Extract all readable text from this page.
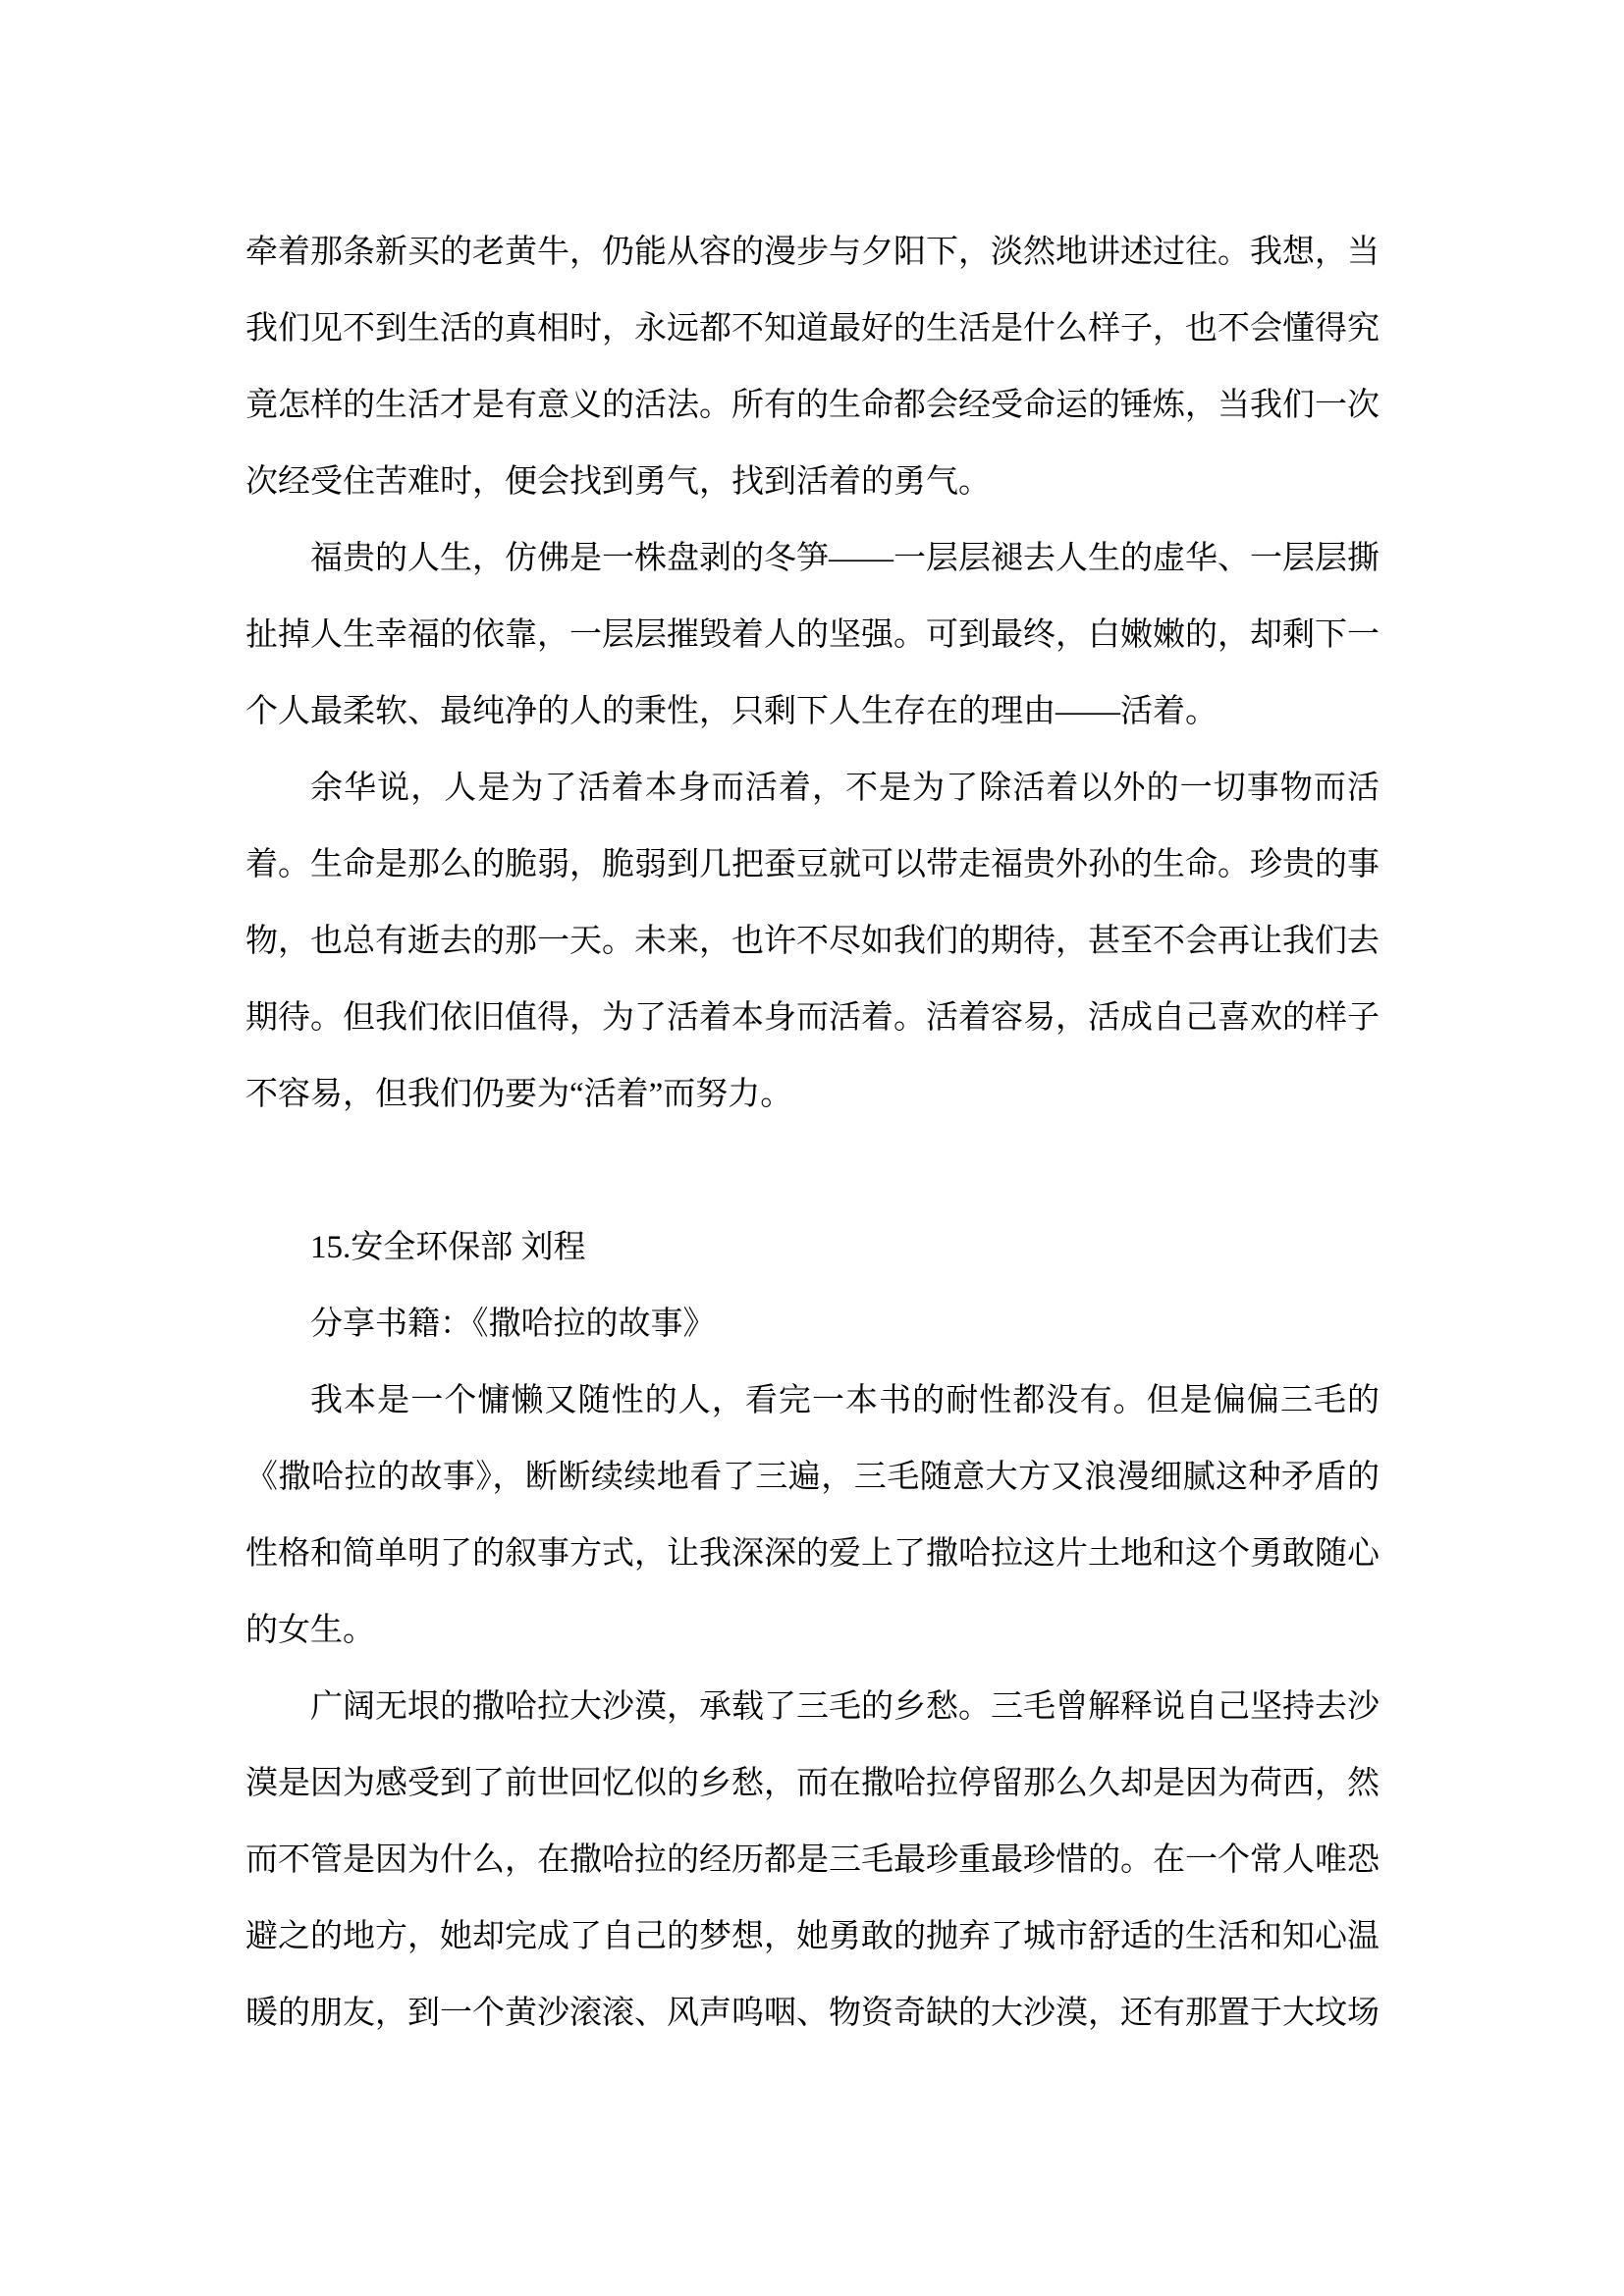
牵着那条新买的老黄牛，仍能从容的漫步与夕阳下，淡然地讲述过往。我想，当我们见不到生活的真相时，永远都不知道最好的生活是什么样子，也不会懂得究竟怎样的生活才是有意义的活法。所有的生命都会经受命运的锤炼，当我们一次次经受住苦难时，便会找到勇气，找到活着的勇气。

福贵的人生，仿佛是一株盘剥的冬笋——一层层褪去人生的虚华、一层层撕扯掉人生幸福的依靠，一层层摧毁着人的坚强。可到最终，白嫩嫩的，却剩下一个人最柔软、最纯净的人的秉性，只剩下人生存在的理由——活着。

余华说，人是为了活着本身而活着，不是为了除活着以外的一切事物而活着。生命是那么的脆弱，脆弱到几把蚕豆就可以带走福贵外孙的生命。珍贵的事物，也总有逝去的那一天。未来，也许不尽如我们的期待，甚至不会再让我们去期待。但我们依旧值得，为了活着本身而活着。活着容易，活成自己喜欢的样子不容易，但我们仍要为“活着”而努力。

15.安全环保部 刘程

分享书籍：《撒哈拉的故事》

我本是一个慵懒又随性的人，看完一本书的耐性都没有。但是偏偏三毛的《撒哈拉的故事》，断断续续地看了三遍，三毛随意大方又浪漫细腻这种矛盾的性格和简单明了的叙事方式，让我深深的爱上了撒哈拉这片土地和这个勇敢随心的女生。

广阔无垠的撒哈拉大沙漠，承载了三毛的乡愁。三毛曾解释说自己坚持去沙漠是因为感受到了前世回忆似的乡愁，而在撒哈拉停留那么久却是因为荷西，然而不管是因为什么，在撒哈拉的经历都是三毛最珍重最珍惜的。在一个常人唯恐避之的地方，她却完成了自己的梦想，她勇敢的抛弃了城市舒适的生活和知心温暖的朋友，到一个黄沙滚滚、风声呜咽、物资奇缺的大沙漠，还有那置于大坟场
